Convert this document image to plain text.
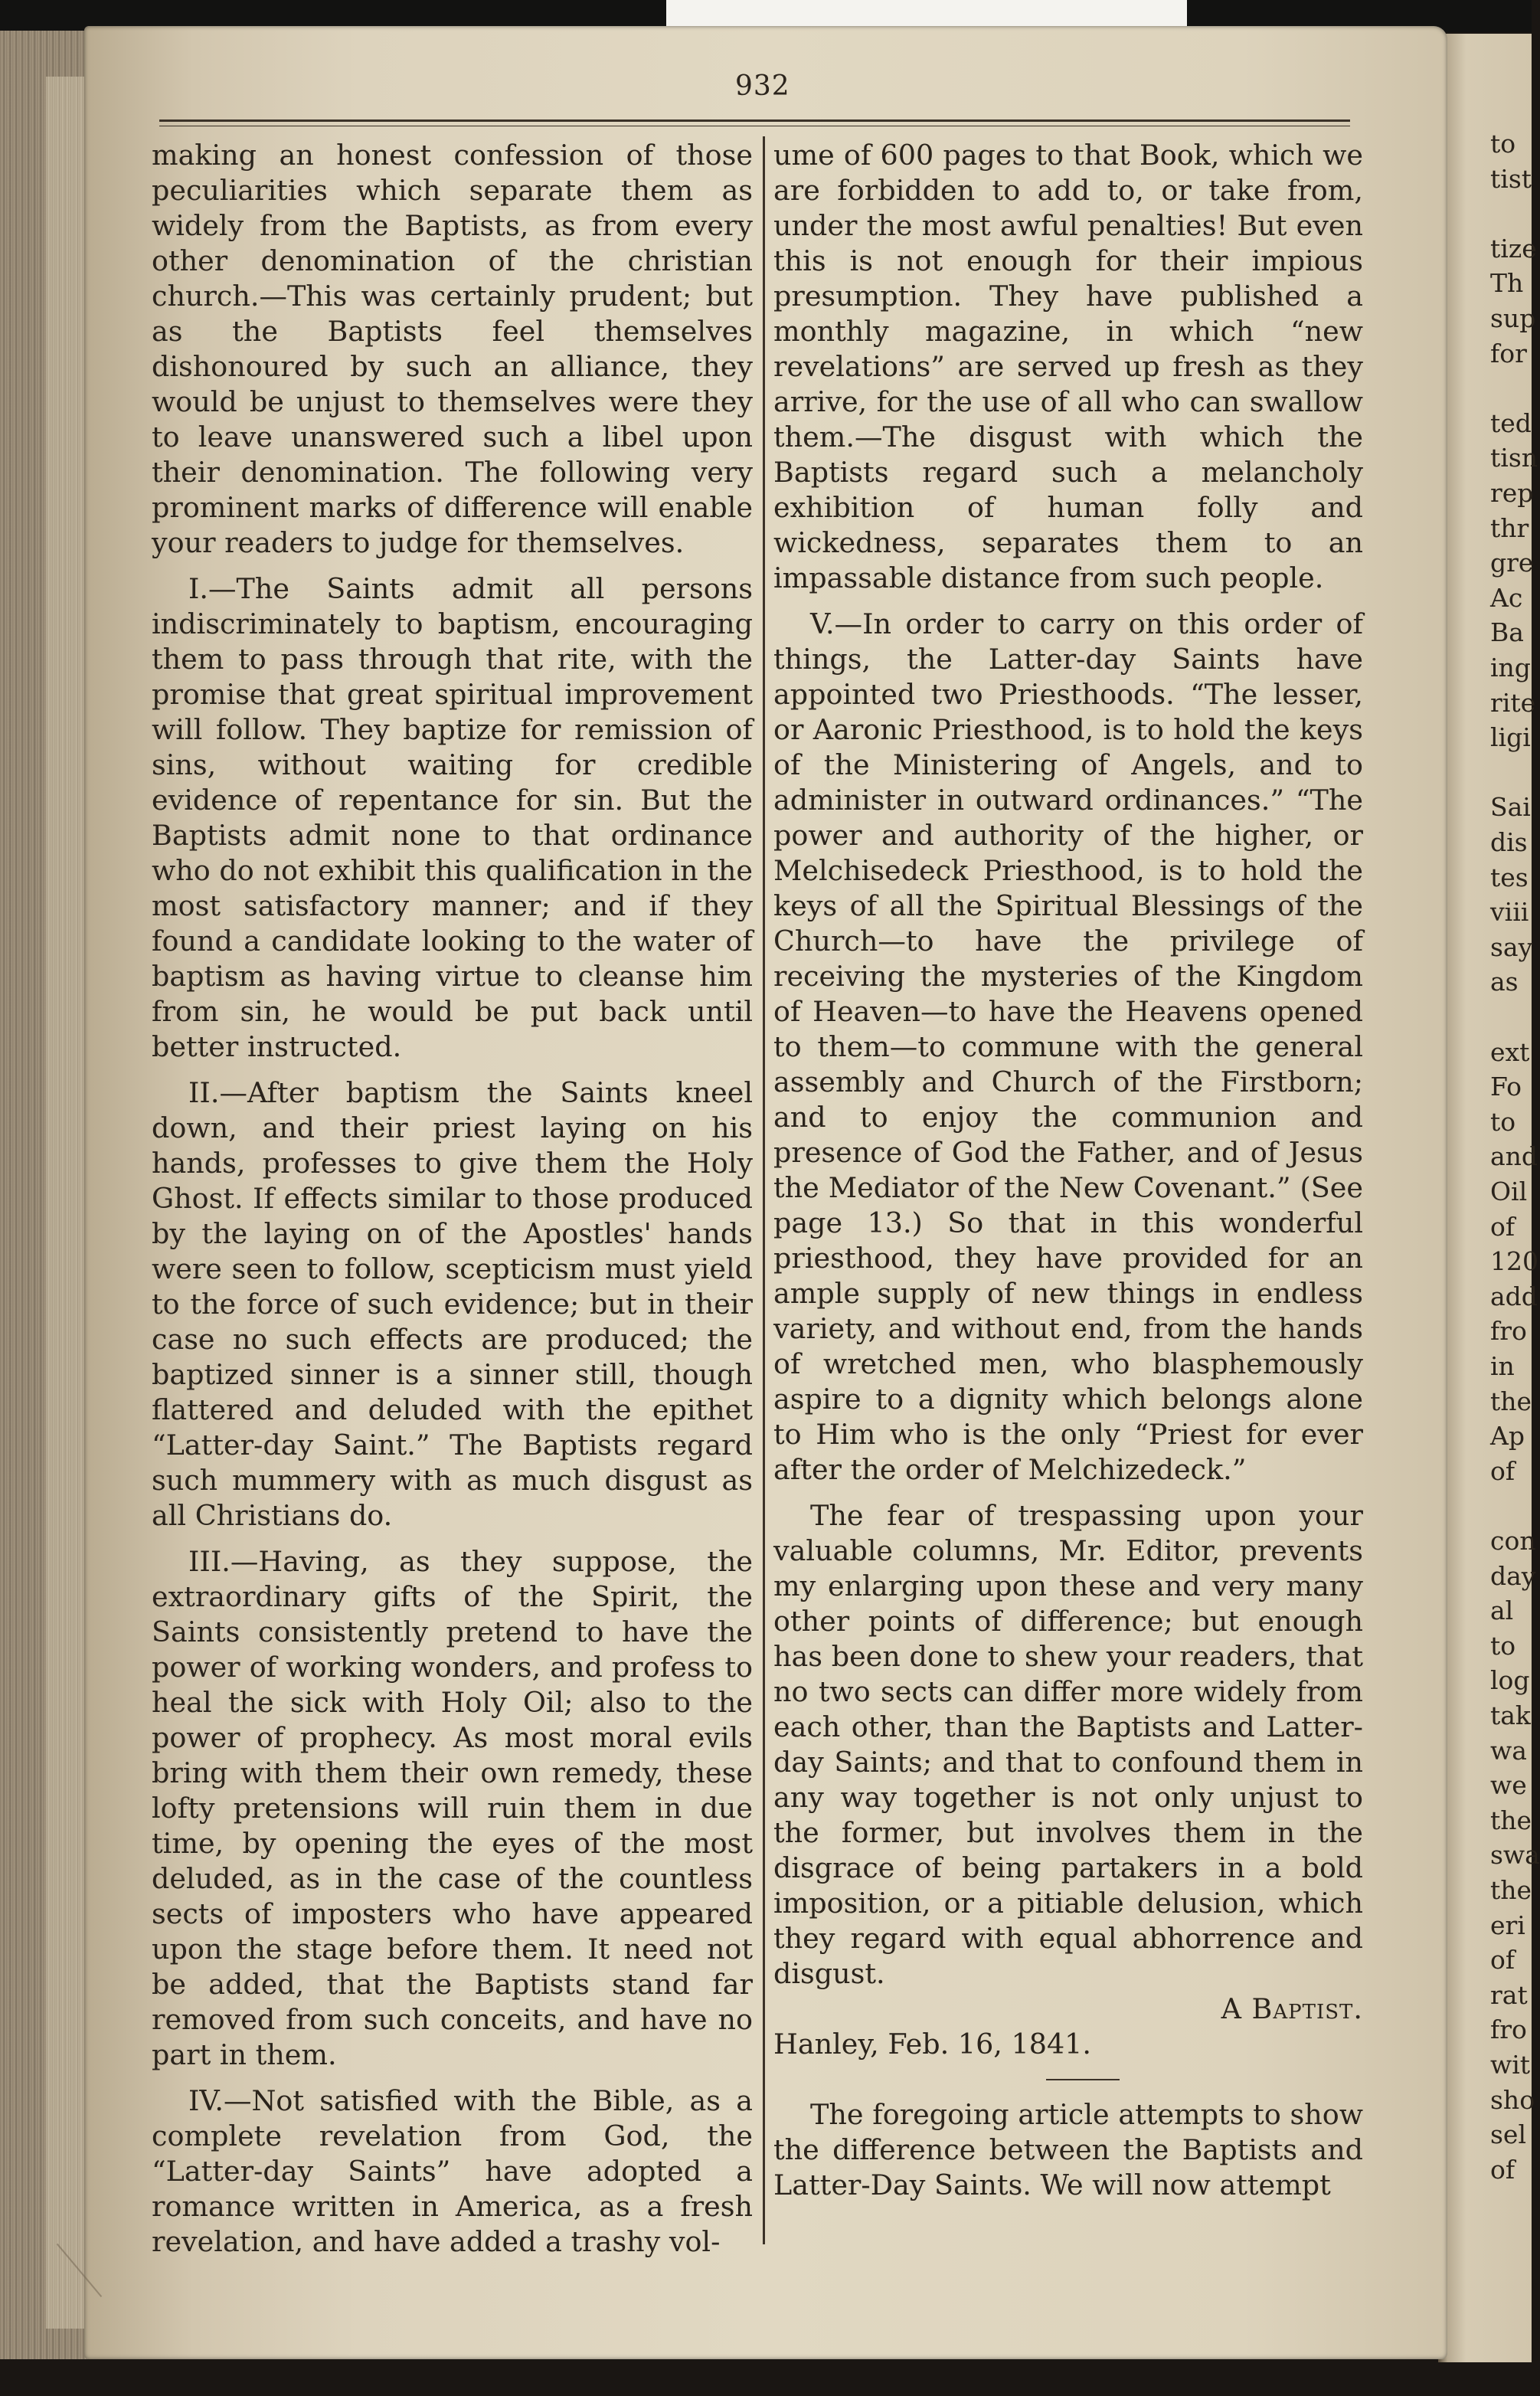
to
tist
tize
Th
sup
for
ted
tisn
rep
thr
gre
Ac
Ba
ing
rite
ligi
Sai
dis
tes
viii
say
as
ext
Fo
to
and
Oil
of
120
add
fro
in
the
Ap
of
con
day
al
to
log
tak
wa
we
the
swa
the
eri
of
rat
fro
wit
sho
sel
of
932

making an honest confession of those peculiarities which separate them as widely from the Baptists, as from every other denomination of the christian church.—This was certainly prudent; but as the Baptists feel themselves dishonoured by such an alliance, they would be unjust to themselves were they to leave unanswered such a libel upon their denomination. The following very prominent marks of difference will enable your readers to judge for themselves.

I.—The Saints admit all persons indiscriminately to baptism, encouraging them to pass through that rite, with the promise that great spiritual improvement will follow. They baptize for remission of sins, without waiting for credible evidence of repentance for sin. But the Baptists admit none to that ordinance who do not exhibit this qualification in the most satisfactory manner; and if they found a candidate looking to the water of baptism as having virtue to cleanse him from sin, he would be put back until better instructed.

II.—After baptism the Saints kneel down, and their priest laying on his hands, professes to give them the Holy Ghost. If effects similar to those produced by the laying on of the Apostles' hands were seen to follow, scepticism must yield to the force of such evidence; but in their case no such effects are produced; the baptized sinner is a sinner still, though flattered and deluded with the epithet “Latter-day Saint.” The Baptists regard such mummery with as much disgust as all Christians do.

III.—Having, as they suppose, the extraordinary gifts of the Spirit, the Saints consistently pretend to have the power of working wonders, and profess to heal the sick with Holy Oil; also to the power of prophecy. As most moral evils bring with them their own remedy, these lofty pretensions will ruin them in due time, by opening the eyes of the most deluded, as in the case of the countless sects of imposters who have appeared upon the stage before them. It need not be added, that the Baptists stand far removed from such conceits, and have no part in them.

IV.—Not satisfied with the Bible, as a complete revelation from God, the “Latter-day Saints” have adopted a romance written in America, as a fresh revelation, and have added a trashy vol-

ume of 600 pages to that Book, which we are forbidden to add to, or take from, under the most awful penalties! But even this is not enough for their impious presumption. They have published a monthly magazine, in which “new revelations” are served up fresh as they arrive, for the use of all who can swallow them.—The disgust with which the Baptists regard such a melancholy exhibition of human folly and wickedness, separates them to an impassable distance from such people.

V.—In order to carry on this order of things, the Latter-day Saints have appointed two Priesthoods. “The lesser, or Aaronic Priesthood, is to hold the keys of the Ministering of Angels, and to administer in outward ordinances.” “The power and authority of the higher, or Melchisedeck Priesthood, is to hold the keys of all the Spiritual Blessings of the Church—to have the privilege of receiving the mysteries of the Kingdom of Heaven—to have the Heavens opened to them—to commune with the general assembly and Church of the Firstborn; and to enjoy the communion and presence of God the Father, and of Jesus the Mediator of the New Covenant.” (See page 13.) So that in this wonderful priesthood, they have provided for an ample supply of new things in endless variety, and without end, from the hands of wretched men, who blasphemously aspire to a dignity which belongs alone to Him who is the only “Priest for ever after the order of Melchizedeck.”

The fear of trespassing upon your valuable columns, Mr. Editor, prevents my enlarging upon these and very many other points of difference; but enough has been done to shew your readers, that no two sects can differ more widely from each other, than the Baptists and Latter-day Saints; and that to confound them in any way together is not only unjust to the former, but involves them in the disgrace of being partakers in a bold imposition, or a pitiable delusion, which they regard with equal abhorrence and disgust.

A Baptist.

Hanley, Feb. 16, 1841.

The foregoing article attempts to show the difference between the Baptists and Latter-Day Saints. We will now attempt
